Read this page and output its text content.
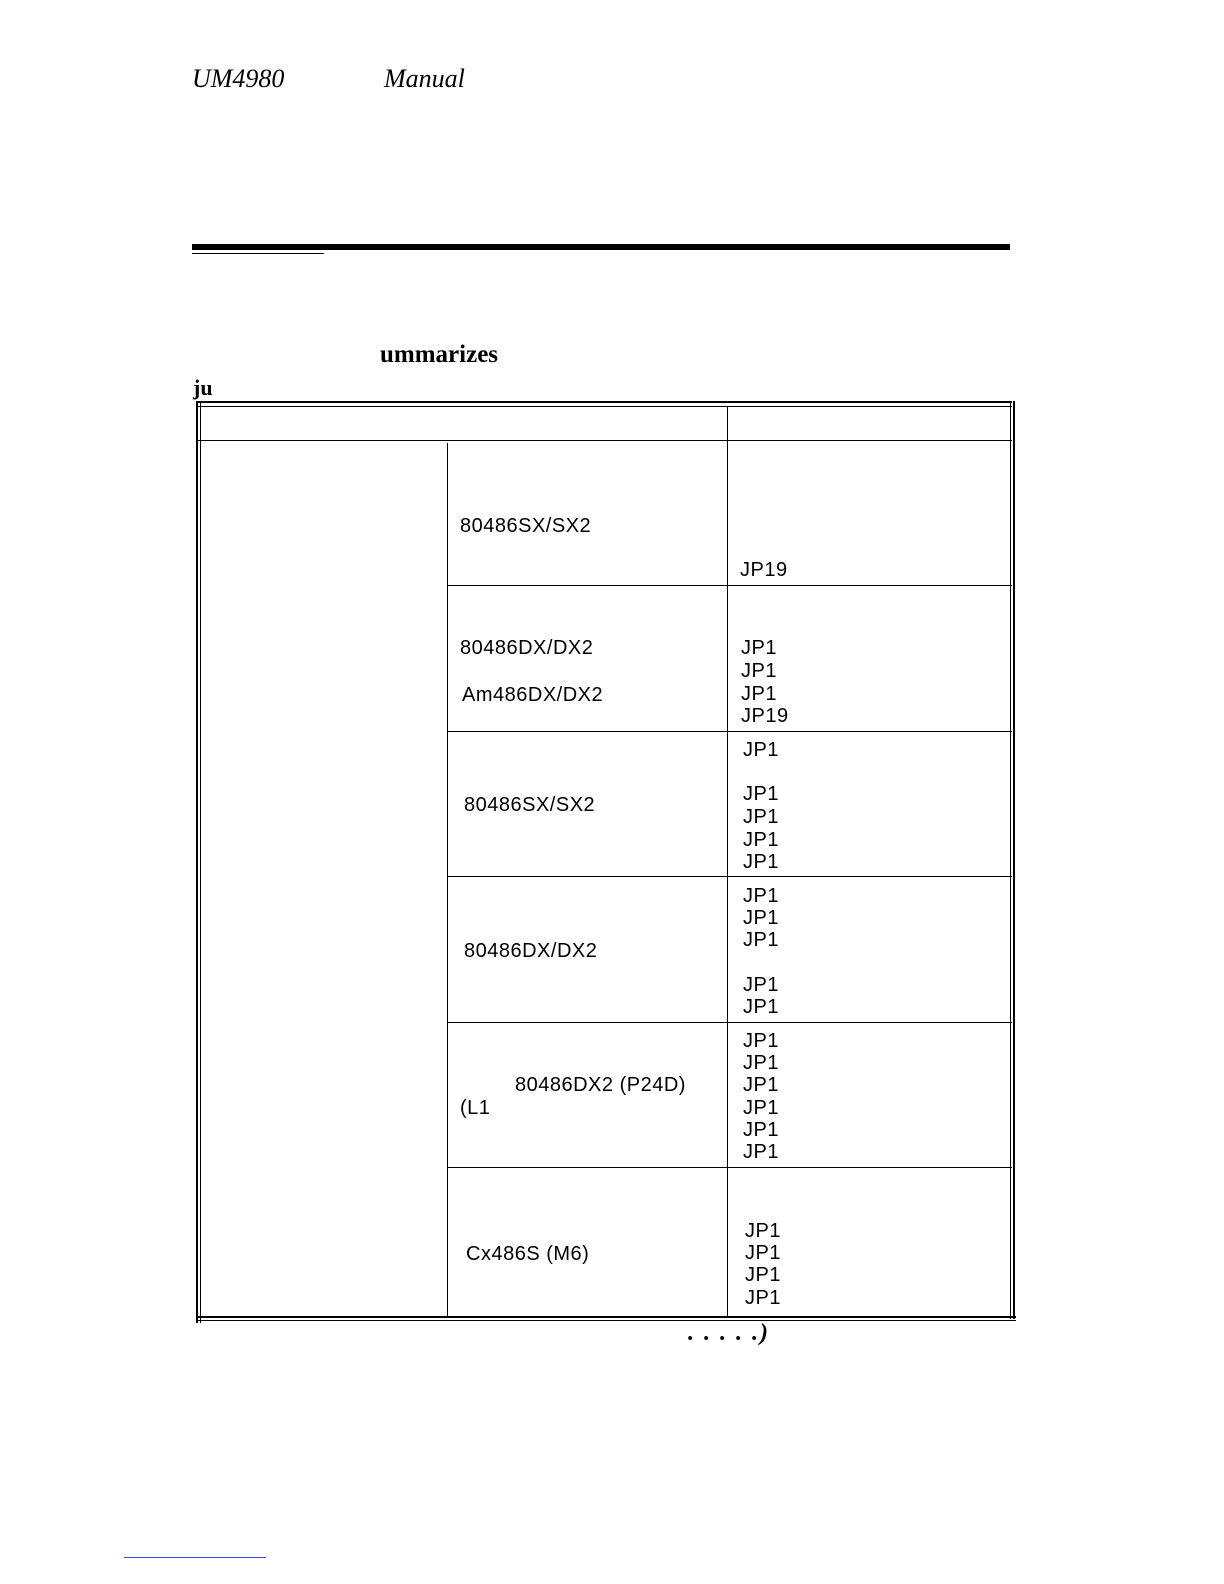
UM4980	Manual
ummarizes
ju
80486SX/SX2
JP19
80486DX/DX2
Am486DX/DX2
JP1
JP1
JP1
JP19
80486SX/SX2
JP1
JP1
JP1
JP1
JP1
80486DX/DX2
JP1
JP1
JP1
JP1
JP1
80486DX2 (P24D)
(L1
JP1
JP1
JP1
JP1
JP1
JP1
Cx486S (M6)
JP1
JP1
JP1
JP1
. . . . .)
